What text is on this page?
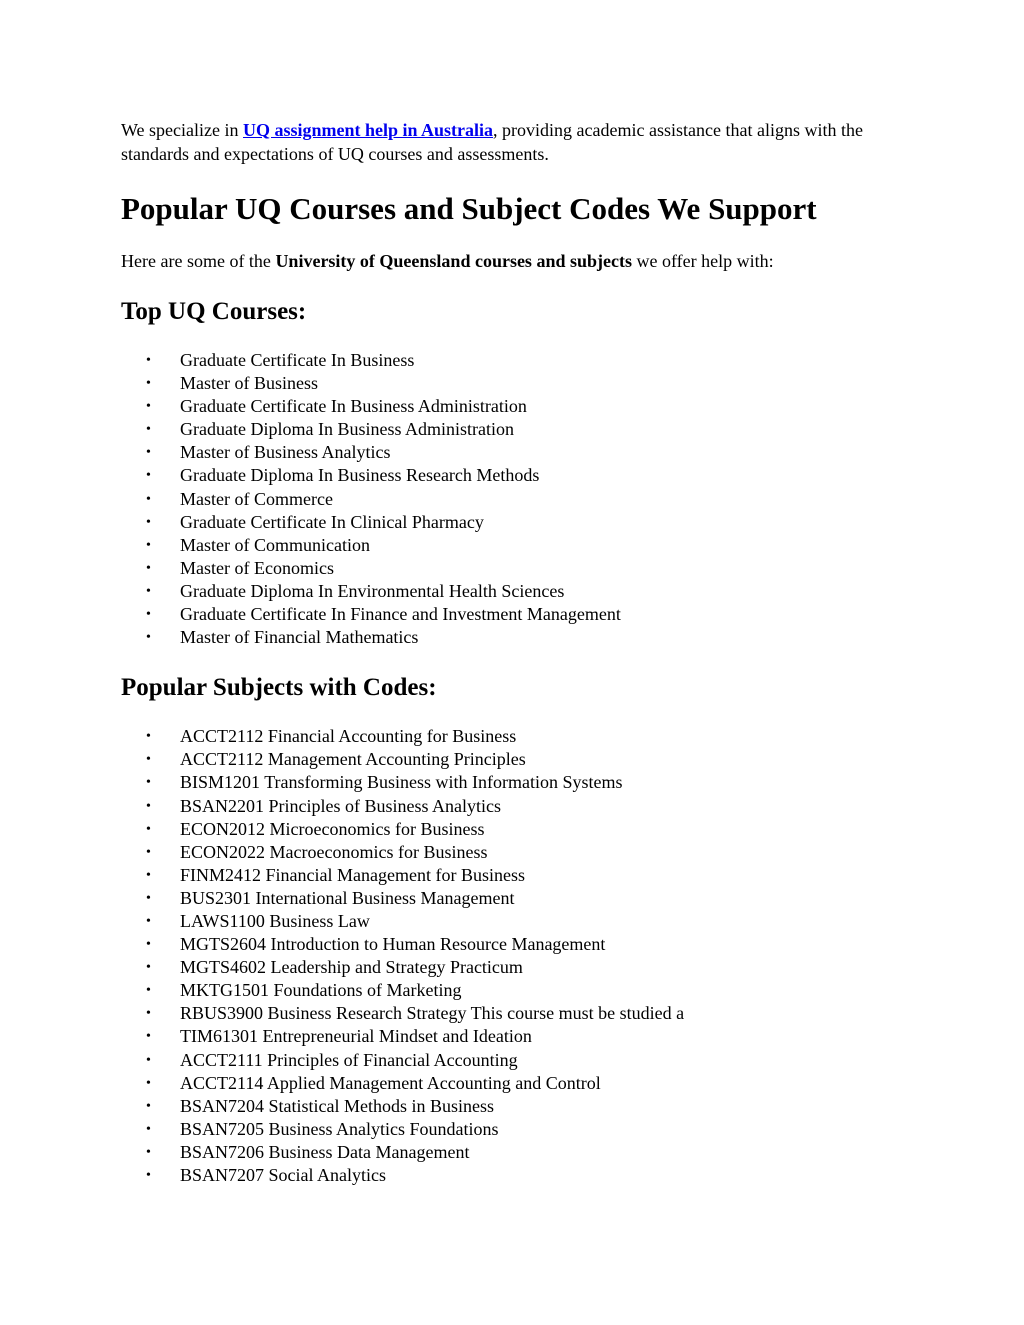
We specialize in UQ assignment help in Australia, providing academic assistance that aligns with the standards and expectations of UQ courses and assessments.

Popular UQ Courses and Subject Codes We Support

Here are some of the University of Queensland courses and subjects we offer help with:

Top UQ Courses:
• Graduate Certificate In Business
• Master of Business
• Graduate Certificate In Business Administration
• Graduate Diploma In Business Administration
• Master of Business Analytics
• Graduate Diploma In Business Research Methods
• Master of Commerce
• Graduate Certificate In Clinical Pharmacy
• Master of Communication
• Master of Economics
• Graduate Diploma In Environmental Health Sciences
• Graduate Certificate In Finance and Investment Management
• Master of Financial Mathematics
Popular Subjects with Codes:
• ACCT2112 Financial Accounting for Business
• ACCT2112 Management Accounting Principles
• BISM1201 Transforming Business with Information Systems
• BSAN2201 Principles of Business Analytics
• ECON2012 Microeconomics for Business
• ECON2022 Macroeconomics for Business
• FINM2412 Financial Management for Business
• BUS2301 International Business Management
• LAWS1100 Business Law
• MGTS2604 Introduction to Human Resource Management
• MGTS4602 Leadership and Strategy Practicum
• MKTG1501 Foundations of Marketing
• RBUS3900 Business Research Strategy This course must be studied a
• TIM61301 Entrepreneurial Mindset and Ideation
• ACCT2111 Principles of Financial Accounting
• ACCT2114 Applied Management Accounting and Control
• BSAN7204 Statistical Methods in Business
• BSAN7205 Business Analytics Foundations
• BSAN7206 Business Data Management
• BSAN7207 Social Analytics
